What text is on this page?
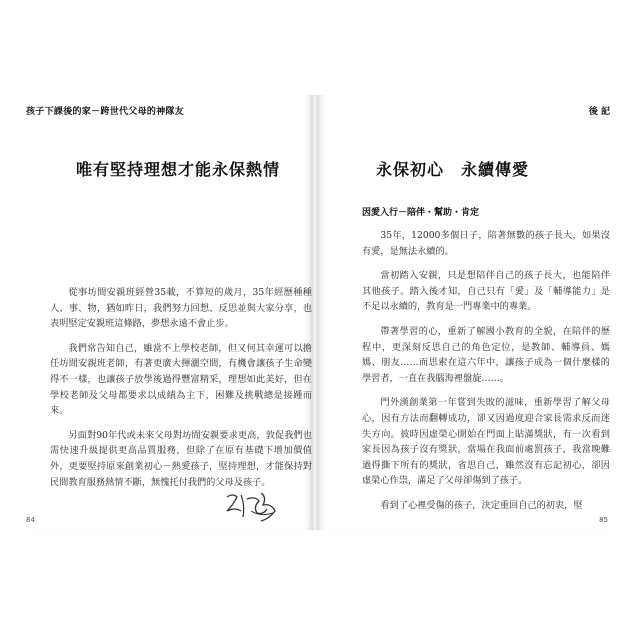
孩子下課後的家－跨世代父母的神隊友
唯有堅持理想才能永保熱情

從事坊間安親班經營35載，不算短的歲月，35年經歷種種人、事、物，猶如昨日，我們努力回想、反思並與大家分享，也表明堅定安親班這條路，夢想永遠不會止步。

我們常告知自己，雖當不上學校老師，但又何其幸運可以擔任坊間安親班老師，有著更廣大揮灑空間，有機會讓孩子生命變得不一樣，也讓孩子放學後過得豐富精采，理想如此美好，但在學校老師及父母都要求以成績為主下，困難及挑戰總是接踵而來。

另面對90年代或未來父母對坊間安親要求更高，敦促我們也需快速升級提供更高品質服務，但除了在原有基礎下增加價值外，更要堅持原來創業初心－熱愛孩子，堅持理想，才能保持對民間教育服務熱情不斷，無愧托付我們的父母及孩子。

84
後 記
永保初心　永續傳愛
因愛入行－陪伴・幫助・肯定

35年，12000多個日子，陪著無數的孩子長大，如果沒有愛，是無法永續的。

當初踏入安親，只是想陪伴自己的孩子長大，也能陪伴其他孩子。踏入後才知，自己只有「愛」及「輔導能力」是不足以永續的，教育是一門專業中的專業。

帶著學習的心，重新了解國小教育的全貌，在陪伴的歷程中，更深刻反思自己的角色定位，是教師、輔導員、媽媽、朋友……而思索在這六年中，讓孩子成為一個什麼樣的學習者，一直在我腦海裡盤旋……。

門外漢創業第一年嘗到失敗的滋味，重新學習了解父母心，因有方法而翻轉成功，卻又因過度迎合家長需求反而迷失方向。彼時因虛榮心開始在門面上貼滿獎狀，有一次看到家長因為孩子沒有獎狀，當場在我面前處罰孩子，我當晚難過得撕下所有的獎狀，省思自己，雖然沒有忘記初心，卻因虛榮心作祟，滿足了父母卻傷到了孩子。

看到了心裡受傷的孩子，決定重回自己的初衷，堅

85
